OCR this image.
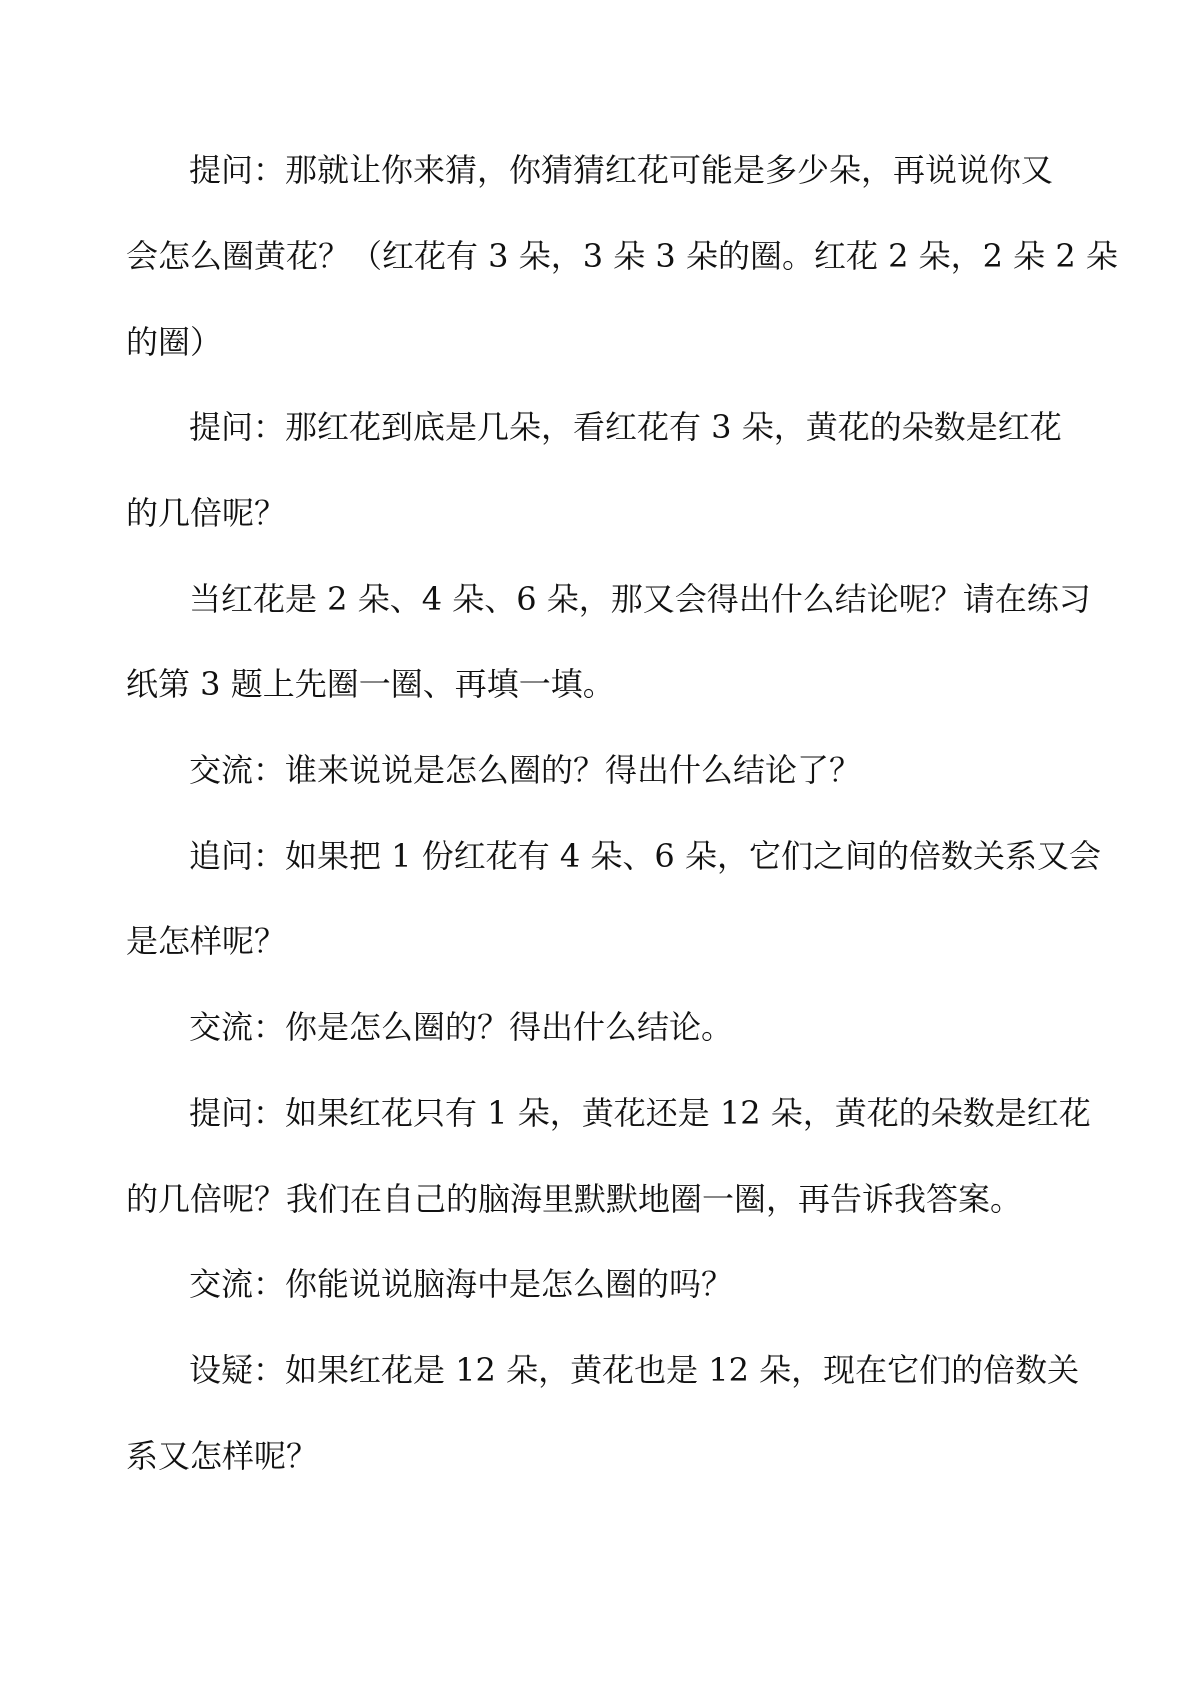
提问：那就让你来猜，你猜猜红花可能是多少朵，再说说你又
会怎么圈黄花？（红花有 3 朵，3 朵 3 朵的圈。红花 2 朵，2 朵 2 朵
的圈）
提问：那红花到底是几朵，看红花有 3 朵，黄花的朵数是红花
的几倍呢？
当红花是 2 朵、4 朵、6 朵，那又会得出什么结论呢？请在练习
纸第 3 题上先圈一圈、再填一填。
交流：谁来说说是怎么圈的？得出什么结论了？
追问：如果把 1 份红花有 4 朵、6 朵，它们之间的倍数关系又会
是怎样呢？
交流：你是怎么圈的？得出什么结论。
提问：如果红花只有 1 朵，黄花还是 12 朵，黄花的朵数是红花
的几倍呢？我们在自己的脑海里默默地圈一圈，再告诉我答案。
交流：你能说说脑海中是怎么圈的吗？
设疑：如果红花是 12 朵，黄花也是 12 朵，现在它们的倍数关
系又怎样呢？
